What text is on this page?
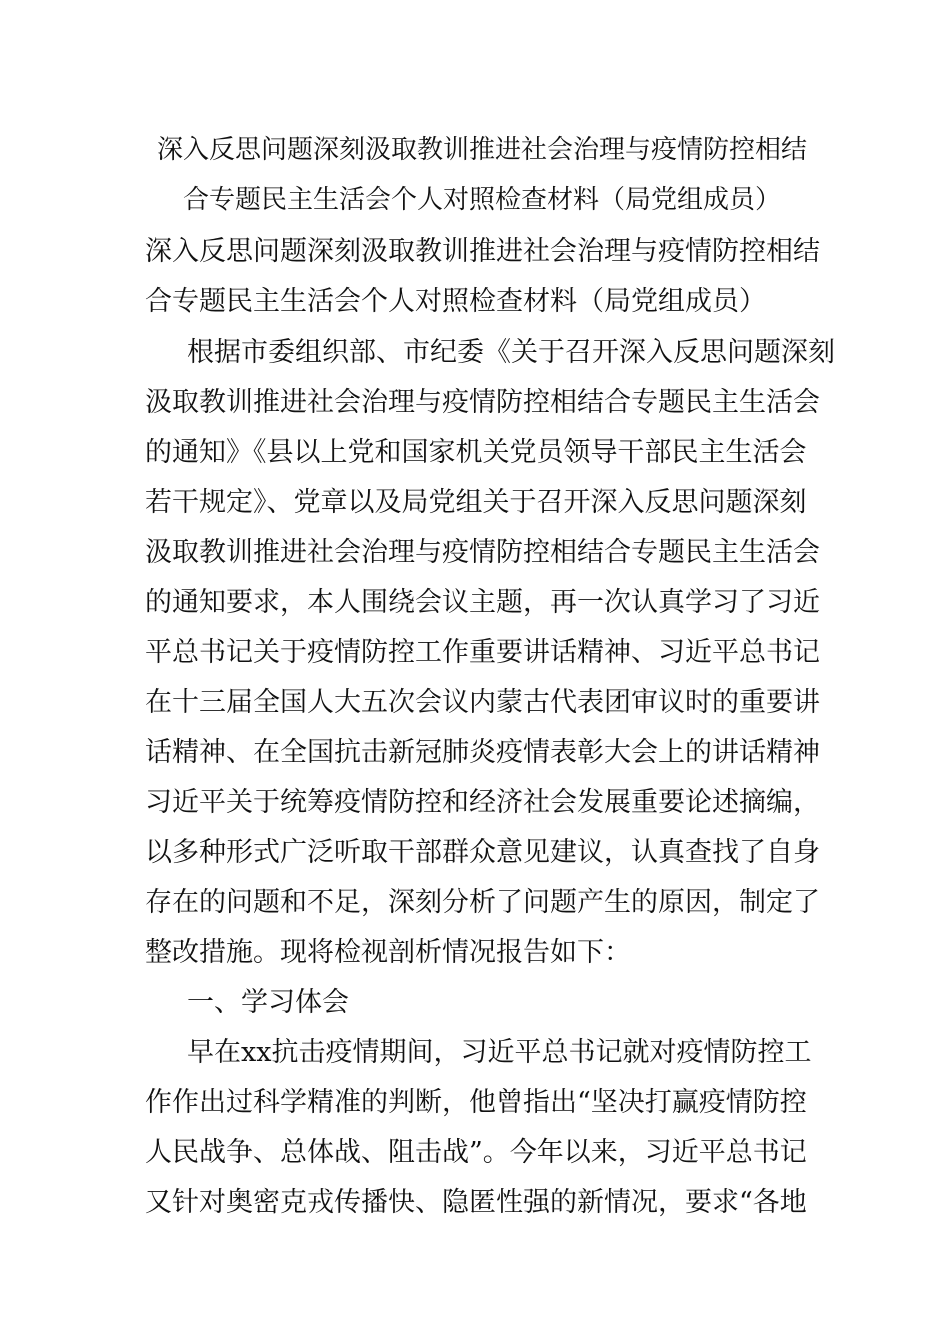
深入反思问题深刻汲取教训推进社会治理与疫情防控相结
合专题民主生活会个人对照检查材料（局党组成员）
深入反思问题深刻汲取教训推进社会治理与疫情防控相结
合专题民主生活会个人对照检查材料（局党组成员）
根据市委组织部、市纪委《关于召开深入反思问题深刻
汲取教训推进社会治理与疫情防控相结合专题民主生活会
的通知》《县以上党和国家机关党员领导干部民主生活会
若干规定》、党章以及局党组关于召开深入反思问题深刻
汲取教训推进社会治理与疫情防控相结合专题民主生活会
的通知要求，本人围绕会议主题，再一次认真学习了习近
平总书记关于疫情防控工作重要讲话精神、习近平总书记
在十三届全国人大五次会议内蒙古代表团审议时的重要讲
话精神、在全国抗击新冠肺炎疫情表彰大会上的讲话精神
习近平关于统筹疫情防控和经济社会发展重要论述摘编，
以多种形式广泛听取干部群众意见建议，认真查找了自身
存在的问题和不足，深刻分析了问题产生的原因，制定了
整改措施。现将检视剖析情况报告如下：
一、学习体会
早在xx抗击疫情期间，习近平总书记就对疫情防控工
作作出过科学精准的判断，他曾指出“坚决打赢疫情防控
人民战争、总体战、阻击战”。今年以来，习近平总书记
又针对奥密克戎传播快、隐匿性强的新情况，要求“各地
